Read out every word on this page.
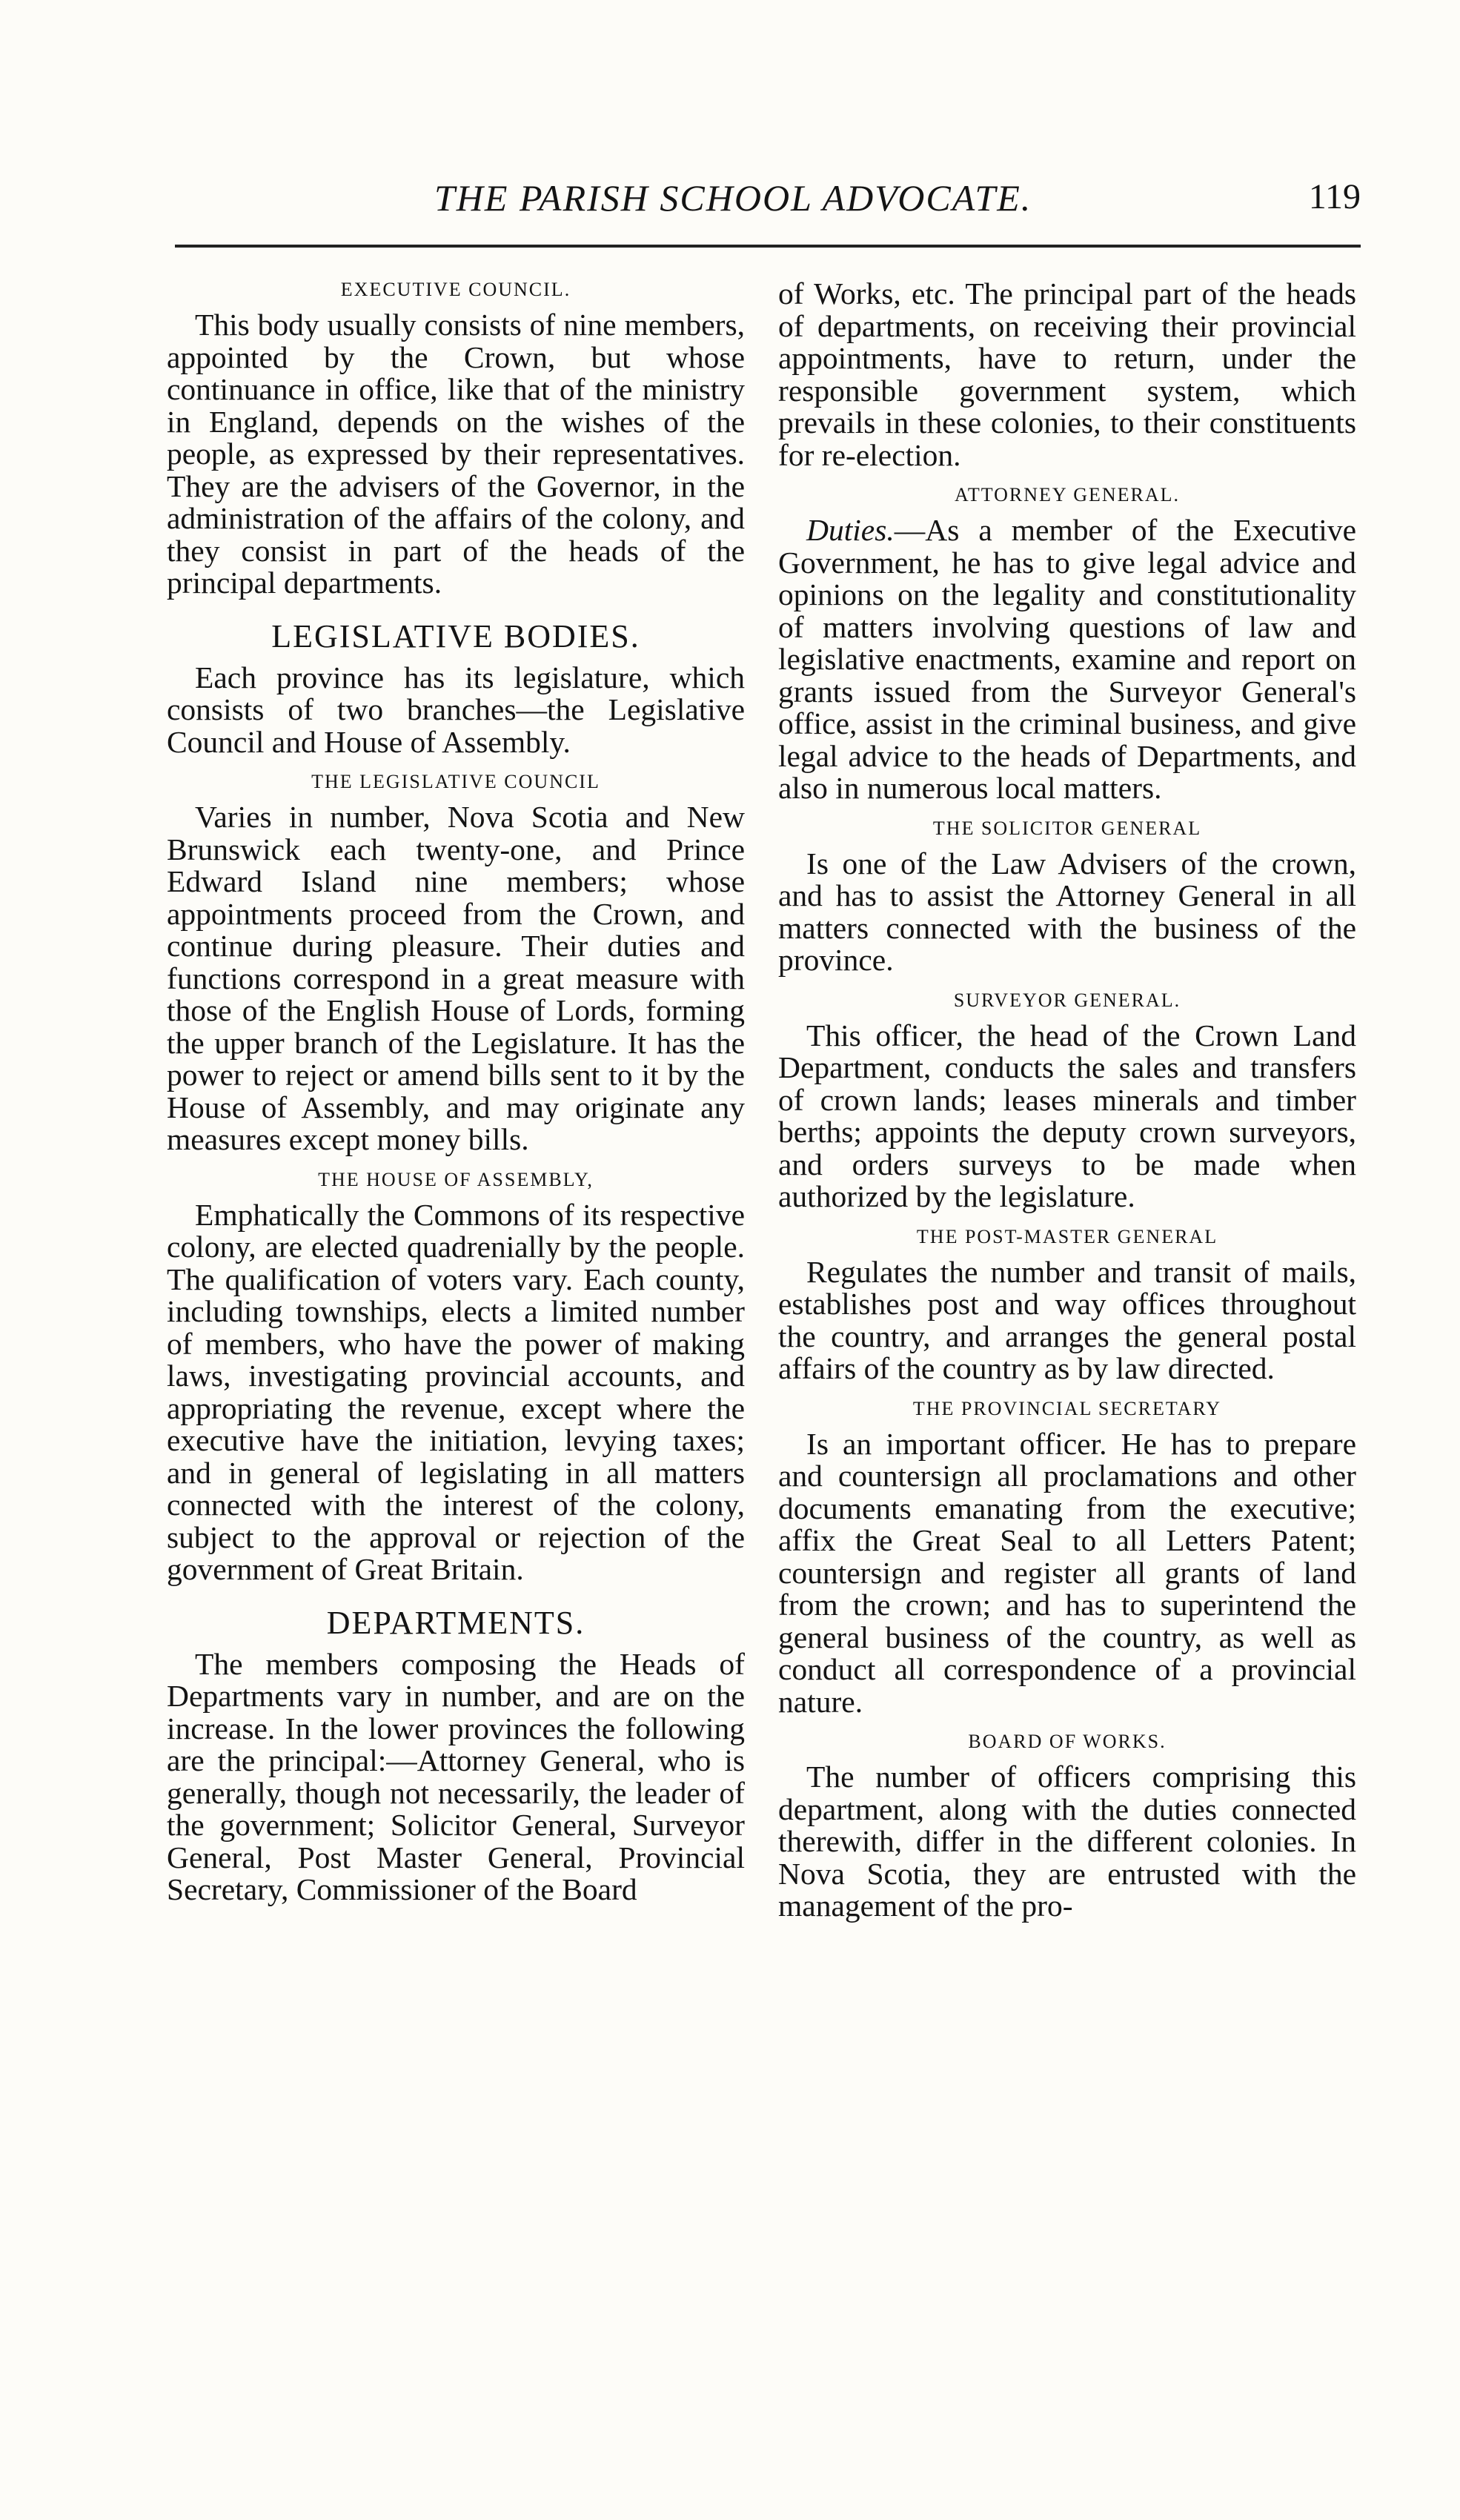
THE PARISH SCHOOL ADVOCATE.	119
EXECUTIVE COUNCIL.

This body usually consists of nine members, appointed by the Crown, but whose continuance in office, like that of the ministry in England, depends on the wishes of the people, as expressed by their representatives. They are the advisers of the Governor, in the administration of the affairs of the colony, and they consist in part of the heads of the principal departments.

LEGISLATIVE BODIES.

Each province has its legislature, which consists of two branches—the Legislative Council and House of Assembly.

THE LEGISLATIVE COUNCIL

Varies in number, Nova Scotia and New Brunswick each twenty-one, and Prince Edward Island nine members; whose appointments proceed from the Crown, and continue during pleasure. Their duties and functions correspond in a great measure with those of the English House of Lords, forming the upper branch of the Legislature. It has the power to reject or amend bills sent to it by the House of Assembly, and may originate any measures except money bills.

THE HOUSE OF ASSEMBLY,

Emphatically the Commons of its respective colony, are elected quadrenially by the people. The qualification of voters vary. Each county, including townships, elects a limited number of members, who have the power of making laws, investigating provincial accounts, and appropriating the revenue, except where the executive have the initiation, levying taxes; and in general of legislating in all matters connected with the interest of the colony, subject to the approval or rejection of the government of Great Britain.

DEPARTMENTS.

The members composing the Heads of Departments vary in number, and are on the increase. In the lower provinces the following are the principal:—Attorney General, who is generally, though not necessarily, the leader of the government; Solicitor General, Surveyor General, Post Master General, Provincial Secretary, Commissioner of the Board

of Works, etc. The principal part of the heads of departments, on receiving their provincial appointments, have to return, under the responsible government system, which prevails in these colonies, to their constituents for re-election.

ATTORNEY GENERAL.

Duties.—As a member of the Executive Government, he has to give legal advice and opinions on the legality and constitutionality of matters involving questions of law and legislative enactments, examine and report on grants issued from the Surveyor General's office, assist in the criminal business, and give legal advice to the heads of Departments, and also in numerous local matters.

THE SOLICITOR GENERAL

Is one of the Law Advisers of the crown, and has to assist the Attorney General in all matters connected with the business of the province.

SURVEYOR GENERAL.

This officer, the head of the Crown Land Department, conducts the sales and transfers of crown lands; leases minerals and timber berths; appoints the deputy crown surveyors, and orders surveys to be made when authorized by the legislature.

THE POST-MASTER GENERAL

Regulates the number and transit of mails, establishes post and way offices throughout the country, and arranges the general postal affairs of the country as by law directed.

THE PROVINCIAL SECRETARY

Is an important officer. He has to prepare and countersign all proclamations and other documents emanating from the executive; affix the Great Seal to all Letters Patent; countersign and register all grants of land from the crown; and has to superintend the general business of the country, as well as conduct all correspondence of a provincial nature.

BOARD OF WORKS.

The number of officers comprising this department, along with the duties connected therewith, differ in the different colonies. In Nova Scotia, they are entrusted with the management of the pro-
